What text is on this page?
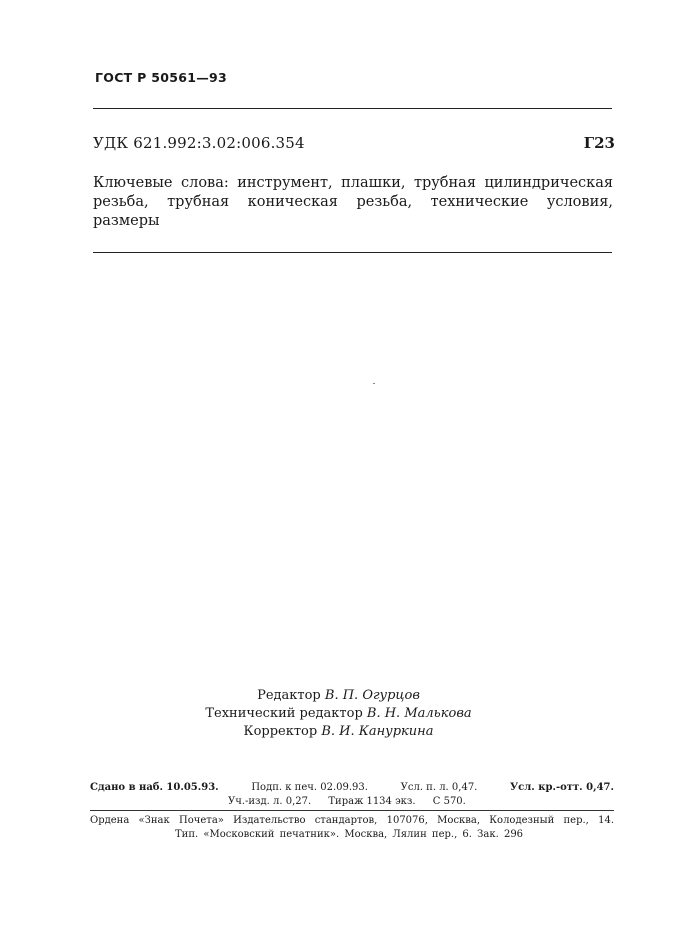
ГОСТ Р 50561—93
УДК 621.992:3.02:006.354	Г23
Ключевые слова: инструмент, плашки, трубная цилиндрическая резьба, трубная коническая резьба, технические условия, размеры
Редактор В. П. Огурцов
Технический редактор В. Н. Малькова
Корректор В. И. Кануркина
Сдано в наб. 10.05.93.	Подп. к печ. 02.09.93.	Усл. п. л. 0,47.	Усл. кр.-отт. 0,47.
Уч.-изд. л. 0,27. Тираж 1134 экз. С 570.
Ордена «Знак Почета» Издательство стандартов, 107076, Москва, Колодезный пер., 14.
Тип. «Московский печатник». Москва, Лялин пер., 6. Зак. 296
